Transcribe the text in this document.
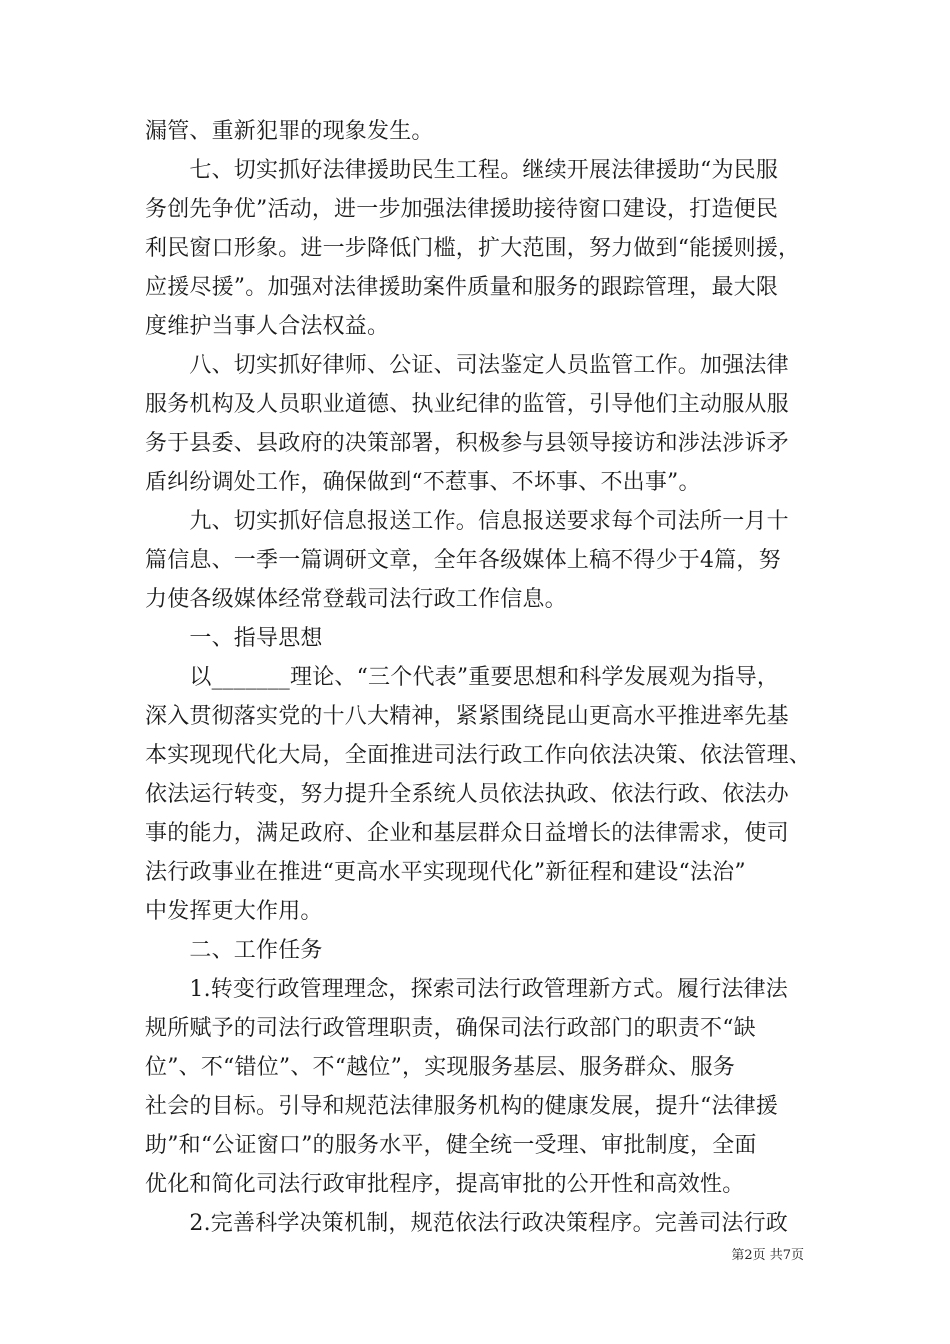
漏管、重新犯罪的现象发生。
　　七、切实抓好法律援助民生工程。继续开展法律援助“为民服
务创先争优”活动，进一步加强法律援助接待窗口建设，打造便民
利民窗口形象。进一步降低门槛，扩大范围，努力做到“能援则援，
应援尽援”。加强对法律援助案件质量和服务的跟踪管理，最大限
度维护当事人合法权益。
　　八、切实抓好律师、公证、司法鉴定人员监管工作。加强法律
服务机构及人员职业道德、执业纪律的监管，引导他们主动服从服
务于县委、县政府的决策部署，积极参与县领导接访和涉法涉诉矛
盾纠纷调处工作，确保做到“不惹事、不坏事、不出事”。
　　九、切实抓好信息报送工作。信息报送要求每个司法所一月十
篇信息、一季一篇调研文章，全年各级媒体上稿不得少于4篇，努
力使各级媒体经常登载司法行政工作信息。
　　一、指导思想
　　以_______理论、“三个代表”重要思想和科学发展观为指导，
深入贯彻落实党的十八大精神，紧紧围绕昆山更高水平推进率先基
本实现现代化大局，全面推进司法行政工作向依法决策、依法管理、
依法运行转变，努力提升全系统人员依法执政、依法行政、依法办
事的能力，满足政府、企业和基层群众日益增长的法律需求，使司
法行政事业在推进“更高水平实现现代化”新征程和建设“法治”
中发挥更大作用。
　　二、工作任务
　　1.转变行政管理理念，探索司法行政管理新方式。履行法律法
规所赋予的司法行政管理职责，确保司法行政部门的职责不“缺
位”、不“错位”、不“越位”，实现服务基层、服务群众、服务
社会的目标。引导和规范法律服务机构的健康发展，提升“法律援
助”和“公证窗口”的服务水平，健全统一受理、审批制度，全面
优化和简化司法行政审批程序，提高审批的公开性和高效性。
　　2.完善科学决策机制，规范依法行政决策程序。完善司法行政
第2页 共7页
